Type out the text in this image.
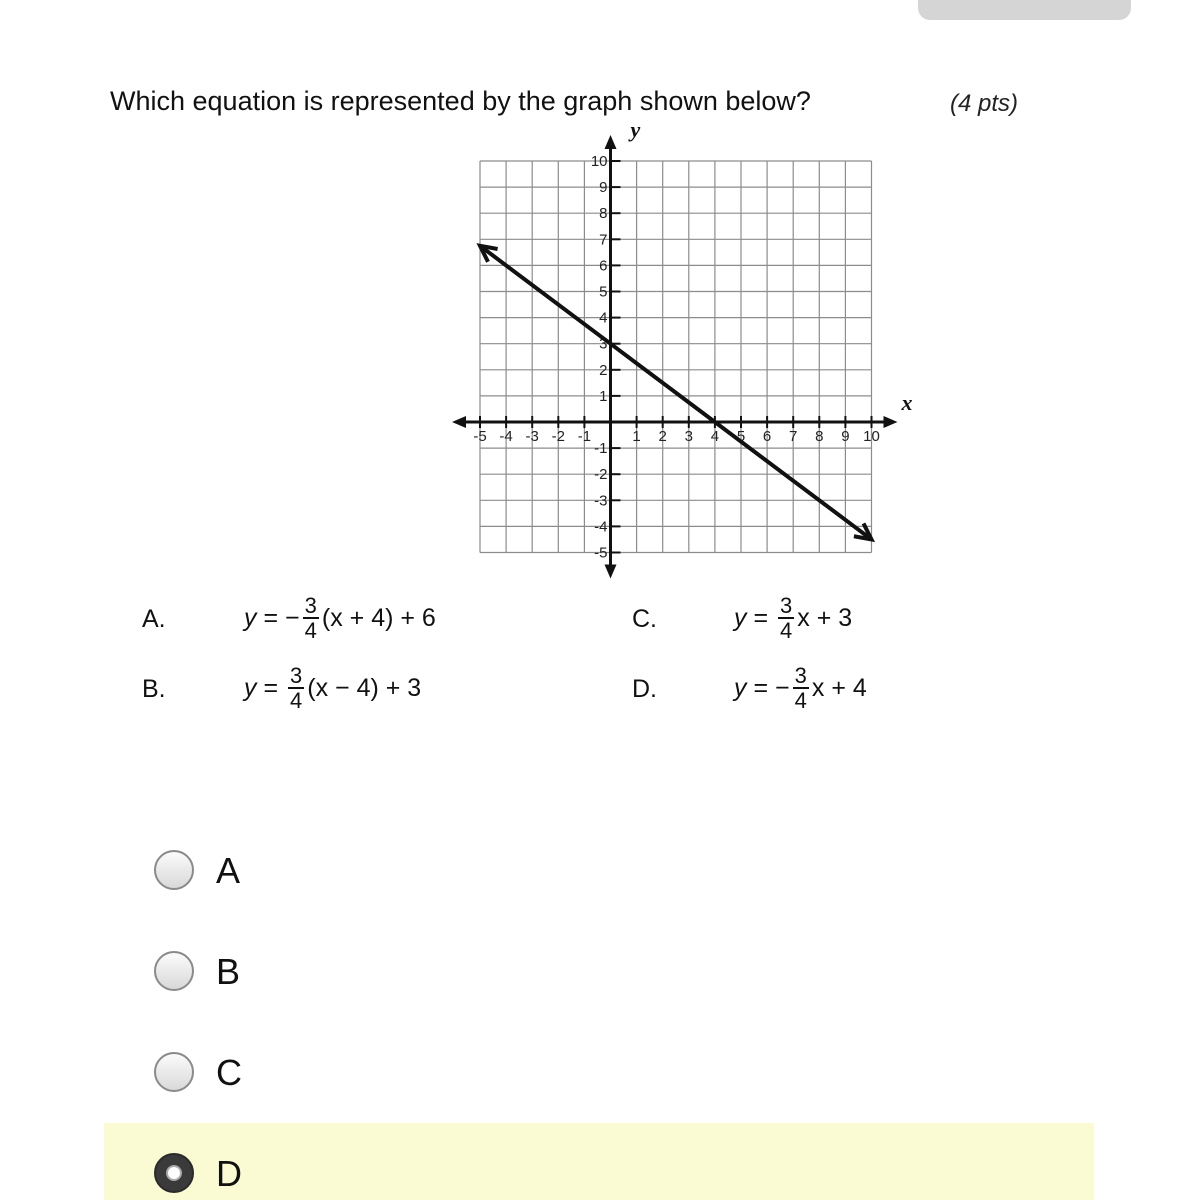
Which equation is represented by the graph shown below?	(4 pts)
-5 -4 -3 -2 -1	1 2 3 4 5 6 7 8 9 10
10
9
8
7
6
5
4
3
2
1
-1
-2
-3
-4
-5
x
y
A.	y
=
− $\frac{3}{4} (x + 4) + 6$
B.	y
=
$\frac{3}{4} (x - 4) + 3$
C.	y
=
$\frac{3}{4}$ x + 3
D.	y
=
− $\frac{3}{4}$ x + 4
A
B
C
D
